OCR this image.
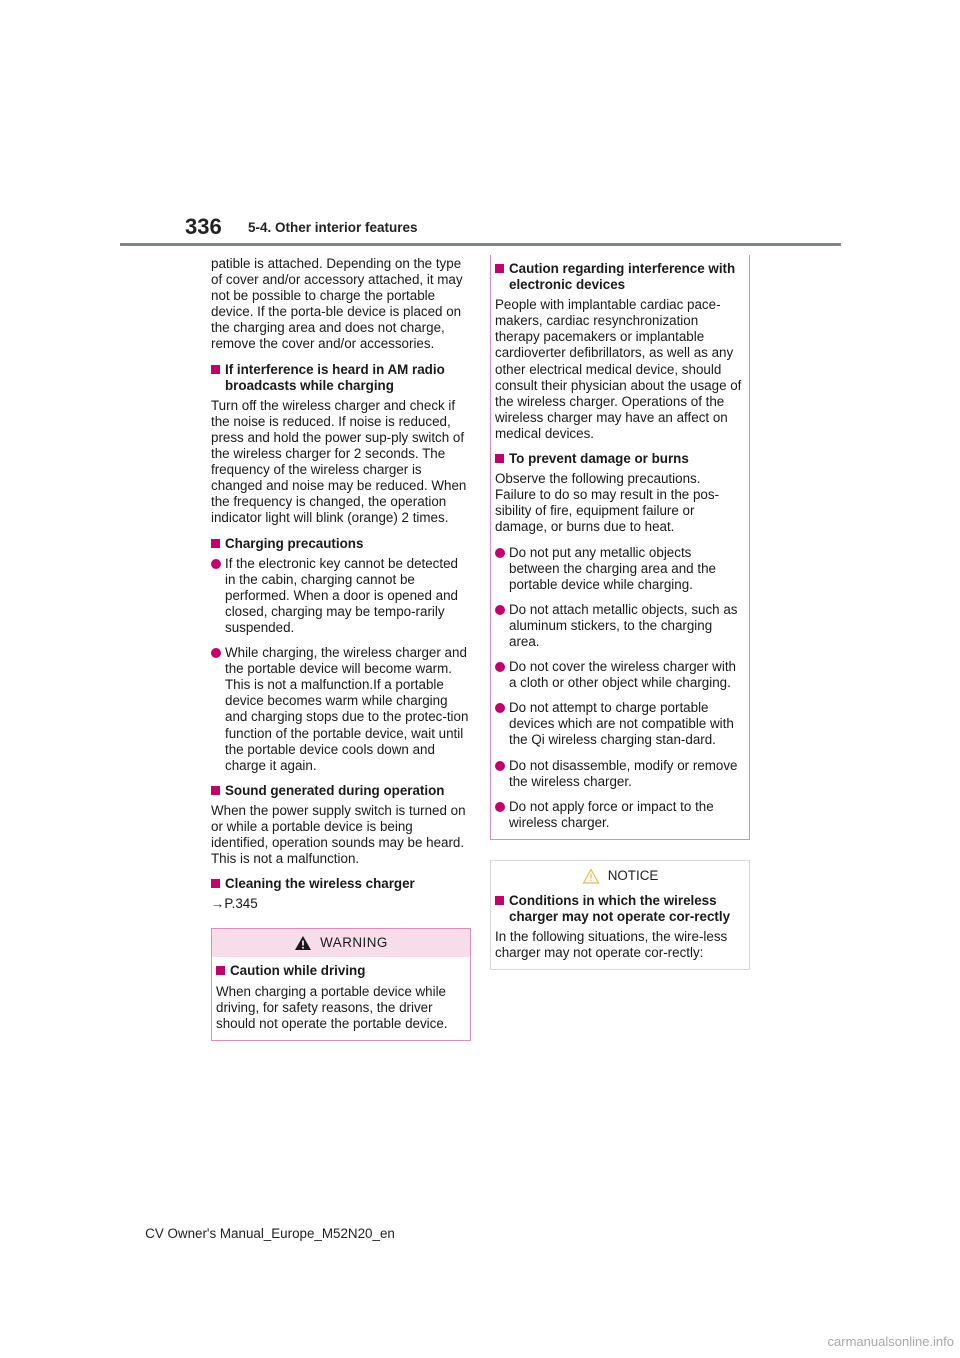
336 5-4. Other interior features

patible is attached. Depending on the type of cover and/or accessory attached, it may not be possible to charge the portable device. If the porta-ble device is placed on the charging area and does not charge, remove the cover and/or accessories.

If interference is heard in AM radio broadcasts while charging

Turn off the wireless charger and check if the noise is reduced. If noise is reduced, press and hold the power sup-ply switch of the wireless charger for 2 seconds. The frequency of the wireless charger is changed and noise may be reduced. When the frequency is changed, the operation indicator light will blink (orange) 2 times.

Charging precautions
If the electronic key cannot be detected in the cabin, charging cannot be performed. When a door is opened and closed, charging may be tempo-rarily suspended.
While charging, the wireless charger and the portable device will become warm.
This is not a malfunction.If a portable device becomes warm while charging and charging stops due to the protec-tion function of the portable device, wait until the portable device cools down and charge it again.
Sound generated during operation

When the power supply switch is turned on or while a portable device is being identified, operation sounds may be heard. This is not a malfunction.

Cleaning the wireless charger

→P.345

WARNING
Caution while driving

When charging a portable device while driving, for safety reasons, the driver should not operate the portable device.

Caution regarding interference with electronic devices

People with implantable cardiac pace-makers, cardiac resynchronization therapy pacemakers or implantable cardioverter defibrillators, as well as any other electrical medical device, should consult their physician about the usage of the wireless charger. Operations of the wireless charger may have an affect on medical devices.

To prevent damage or burns

Observe the following precautions. Failure to do so may result in the pos-sibility of fire, equipment failure or damage, or burns due to heat.

Do not put any metallic objects between the charging area and the portable device while charging.
Do not attach metallic objects, such as aluminum stickers, to the charging area.
Do not cover the wireless charger with a cloth or other object while charging.
Do not attempt to charge portable devices which are not compatible with the Qi wireless charging stan-dard.
Do not disassemble, modify or remove the wireless charger.
Do not apply force or impact to the wireless charger.
NOTICE
Conditions in which the wireless charger may not operate cor-rectly

In the following situations, the wire-less charger may not operate cor-rectly:

CV Owner's Manual_Europe_M52N20_en
carmanualsonline.info
